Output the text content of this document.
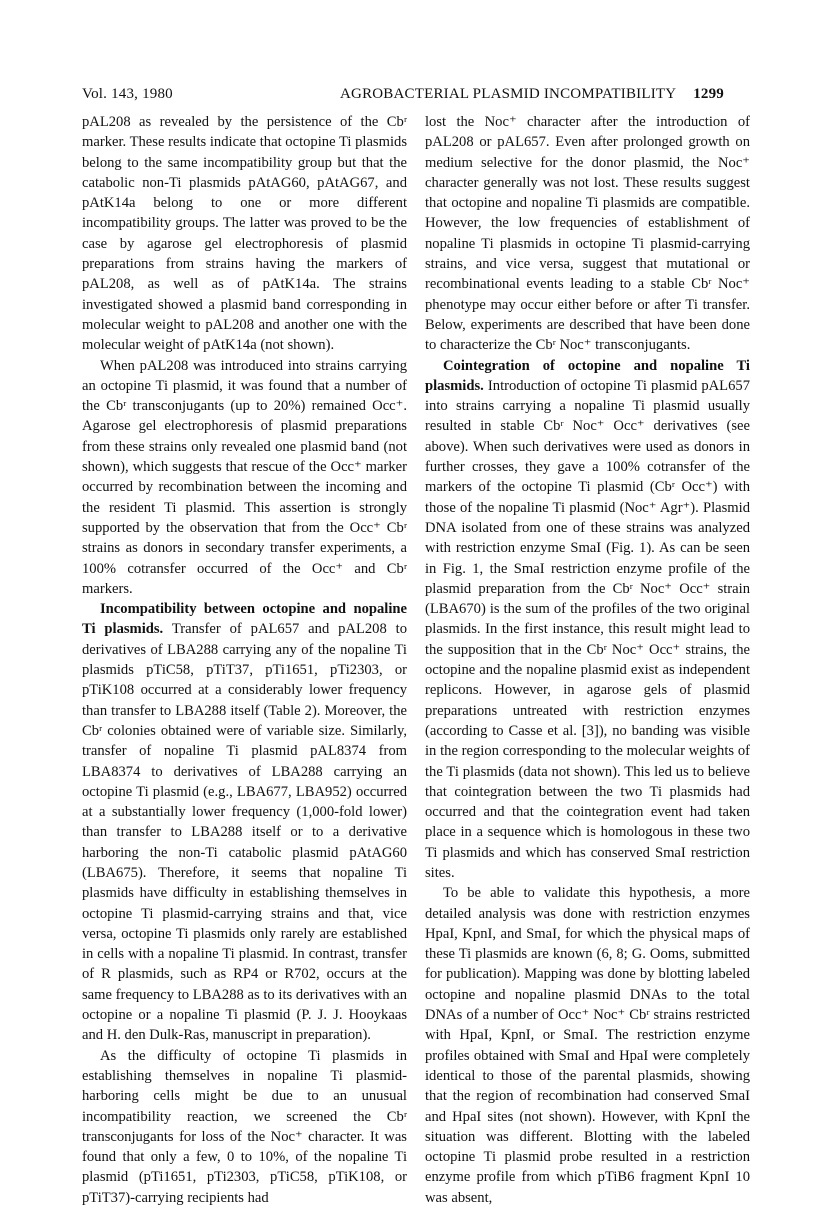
Vol. 143, 1980	AGROBACTERIAL PLASMID INCOMPATIBILITY 1299

pAL208 as revealed by the persistence of the Cbʳ marker. These results indicate that octopine Ti plasmids belong to the same incompatibility group but that the catabolic non-Ti plasmids pAtAG60, pAtAG67, and pAtK14a belong to one or more different incompatibility groups. The latter was proved to be the case by agarose gel electrophoresis of plasmid preparations from strains having the markers of pAL208, as well as of pAtK14a. The strains investigated showed a plasmid band corresponding in molecular weight to pAL208 and another one with the molecular weight of pAtK14a (not shown).

When pAL208 was introduced into strains carrying an octopine Ti plasmid, it was found that a number of the Cbʳ transconjugants (up to 20%) remained Occ⁺. Agarose gel electrophoresis of plasmid preparations from these strains only revealed one plasmid band (not shown), which suggests that rescue of the Occ⁺ marker occurred by recombination between the incoming and the resident Ti plasmid. This assertion is strongly supported by the observation that from the Occ⁺ Cbʳ strains as donors in secondary transfer experiments, a 100% cotransfer occurred of the Occ⁺ and Cbʳ markers.

Incompatibility between octopine and nopaline Ti plasmids. Transfer of pAL657 and pAL208 to derivatives of LBA288 carrying any of the nopaline Ti plasmids pTiC58, pTiT37, pTi1651, pTi2303, or pTiK108 occurred at a considerably lower frequency than transfer to LBA288 itself (Table 2). Moreover, the Cbʳ colonies obtained were of variable size. Similarly, transfer of nopaline Ti plasmid pAL8374 from LBA8374 to derivatives of LBA288 carrying an octopine Ti plasmid (e.g., LBA677, LBA952) occurred at a substantially lower frequency (1,000-fold lower) than transfer to LBA288 itself or to a derivative harboring the non-Ti catabolic plasmid pAtAG60 (LBA675). Therefore, it seems that nopaline Ti plasmids have difficulty in establishing themselves in octopine Ti plasmid-carrying strains and that, vice versa, octopine Ti plasmids only rarely are established in cells with a nopaline Ti plasmid. In contrast, transfer of R plasmids, such as RP4 or R702, occurs at the same frequency to LBA288 as to its derivatives with an octopine or a nopaline Ti plasmid (P. J. J. Hooykaas and H. den Dulk-Ras, manuscript in preparation).

As the difficulty of octopine Ti plasmids in establishing themselves in nopaline Ti plasmid-harboring cells might be due to an unusual incompatibility reaction, we screened the Cbʳ transconjugants for loss of the Noc⁺ character. It was found that only a few, 0 to 10%, of the nopaline Ti plasmid (pTi1651, pTi2303, pTiC58, pTiK108, or pTiT37)-carrying recipients had

lost the Noc⁺ character after the introduction of pAL208 or pAL657. Even after prolonged growth on medium selective for the donor plasmid, the Noc⁺ character generally was not lost. These results suggest that octopine and nopaline Ti plasmids are compatible. However, the low frequencies of establishment of nopaline Ti plasmids in octopine Ti plasmid-carrying strains, and vice versa, suggest that mutational or recombinational events leading to a stable Cbʳ Noc⁺ phenotype may occur either before or after Ti transfer. Below, experiments are described that have been done to characterize the Cbʳ Noc⁺ transconjugants.

Cointegration of octopine and nopaline Ti plasmids. Introduction of octopine Ti plasmid pAL657 into strains carrying a nopaline Ti plasmid usually resulted in stable Cbʳ Noc⁺ Occ⁺ derivatives (see above). When such derivatives were used as donors in further crosses, they gave a 100% cotransfer of the markers of the octopine Ti plasmid (Cbʳ Occ⁺) with those of the nopaline Ti plasmid (Noc⁺ Agr⁺). Plasmid DNA isolated from one of these strains was analyzed with restriction enzyme SmaI (Fig. 1). As can be seen in Fig. 1, the SmaI restriction enzyme profile of the plasmid preparation from the Cbʳ Noc⁺ Occ⁺ strain (LBA670) is the sum of the profiles of the two original plasmids. In the first instance, this result might lead to the supposition that in the Cbʳ Noc⁺ Occ⁺ strains, the octopine and the nopaline plasmid exist as independent replicons. However, in agarose gels of plasmid preparations untreated with restriction enzymes (according to Casse et al. [3]), no banding was visible in the region corresponding to the molecular weights of the Ti plasmids (data not shown). This led us to believe that cointegration between the two Ti plasmids had occurred and that the cointegration event had taken place in a sequence which is homologous in these two Ti plasmids and which has conserved SmaI restriction sites.

To be able to validate this hypothesis, a more detailed analysis was done with restriction enzymes HpaI, KpnI, and SmaI, for which the physical maps of these Ti plasmids are known (6, 8; G. Ooms, submitted for publication). Mapping was done by blotting labeled octopine and nopaline plasmid DNAs to the total DNAs of a number of Occ⁺ Noc⁺ Cbʳ strains restricted with HpaI, KpnI, or SmaI. The restriction enzyme profiles obtained with SmaI and HpaI were completely identical to those of the parental plasmids, showing that the region of recombination had conserved SmaI and HpaI sites (not shown). However, with KpnI the situation was different. Blotting with the labeled octopine Ti plasmid probe resulted in a restriction enzyme profile from which pTiB6 fragment KpnI 10 was absent,
